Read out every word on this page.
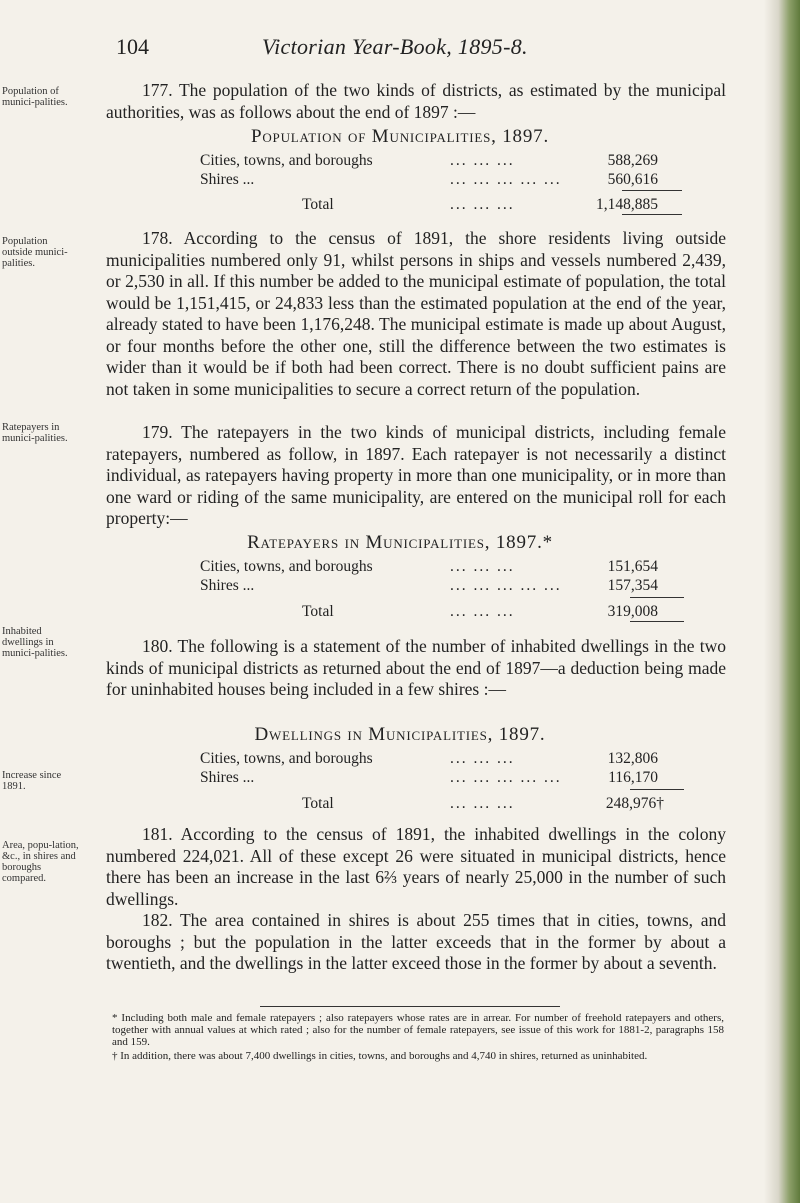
104	Victorian Year-Book, 1895-8.
Population of munici-palities.
Population outside munici-palities.
Ratepayers in munici-palities.
Inhabited dwellings in munici-palities.
Increase since 1891.
Area, popu-lation, &c., in shires and boroughs compared.
177. The population of the two kinds of districts, as estimated by the municipal authorities, was as follows about the end of 1897 :—
Population of Municipalities, 1897.
Cities, towns, and boroughs	... ... ...	588,269
Shires ...	... ... ... ... ...	560,616
Total	... ... ...	1,148,885
178. According to the census of 1891, the shore residents living outside municipalities numbered only 91, whilst persons in ships and vessels numbered 2,439, or 2,530 in all. If this number be added to the municipal estimate of population, the total would be 1,151,415, or 24,833 less than the estimated population at the end of the year, already stated to have been 1,176,248. The municipal estimate is made up about August, or four months before the other one, still the difference between the two estimates is wider than it would be if both had been correct. There is no doubt sufficient pains are not taken in some municipalities to secure a correct return of the population.
179. The ratepayers in the two kinds of municipal districts, including female ratepayers, numbered as follow, in 1897. Each ratepayer is not necessarily a distinct individual, as ratepayers having property in more than one municipality, or in more than one ward or riding of the same municipality, are entered on the municipal roll for each property:—
Ratepayers in Municipalities, 1897.*
Cities, towns, and boroughs	... ... ...	151,654
Shires ...	... ... ... ... ...	157,354
Total	... ... ...	319,008
180. The following is a statement of the number of inhabited dwellings in the two kinds of municipal districts as returned about the end of 1897—a deduction being made for uninhabited houses being included in a few shires :—
Dwellings in Municipalities, 1897.
Cities, towns, and boroughs	... ... ...	132,806
Shires ...	... ... ... ... ...	116,170
Total	... ... ...	248,976†
181. According to the census of 1891, the inhabited dwellings in the colony numbered 224,021. All of these except 26 were situated in municipal districts, hence there has been an increase in the last 6⅔ years of nearly 25,000 in the number of such dwellings.
182. The area contained in shires is about 255 times that in cities, towns, and boroughs ; but the population in the latter exceeds that in the former by about a twentieth, and the dwellings in the latter exceed those in the former by about a seventh.
* Including both male and female ratepayers ; also ratepayers whose rates are in arrear. For number of freehold ratepayers and others, together with annual values at which rated ; also for the number of female ratepayers, see issue of this work for 1881-2, paragraphs 158 and 159.
† In addition, there was about 7,400 dwellings in cities, towns, and boroughs and 4,740 in shires, returned as uninhabited.
